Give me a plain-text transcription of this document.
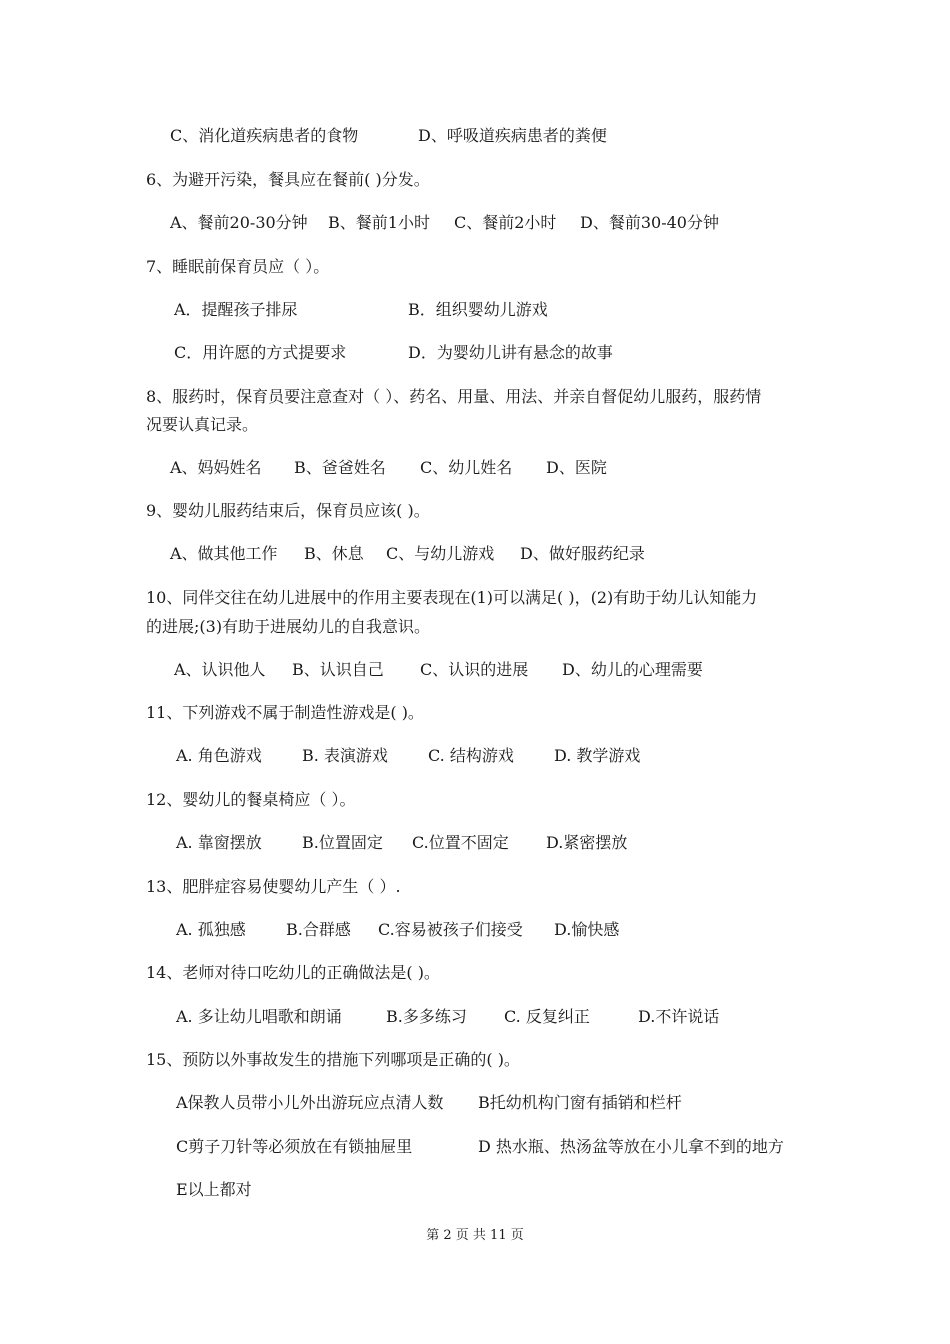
C、消化道疾病患者的食物	D、呼吸道疾病患者的粪便
6、为避开污染，餐具应在餐前( )分发。
A、餐前20-30分钟 B、餐前1小时 C、餐前2小时 D、餐前30-40分钟
7、睡眠前保育员应（ ）。
A．提醒孩子排尿	B．组织婴幼儿游戏
C．用许愿的方式提要求	D．为婴幼儿讲有悬念的故事
8、服药时，保育员要注意查对（ ）、药名、用量、用法、并亲自督促幼儿服药，服药情
况要认真记录。
A、妈妈姓名 B、爸爸姓名 C、幼儿姓名 D、医院
9、婴幼儿服药结束后，保育员应该( )。
A、做其他工作 B、休息 C、与幼儿游戏 D、做好服药纪录
10、同伴交往在幼儿进展中的作用主要表现在(1)可以满足( )，(2)有助于幼儿认知能力
的进展;(3)有助于进展幼儿的自我意识。
A、认识他人 B、认识自己 C、认识的进展 D、幼儿的心理需要
11、下列游戏不属于制造性游戏是( )。
A. 角色游戏	B. 表演游戏	C. 结构游戏	D. 教学游戏
12、婴幼儿的餐桌椅应（ ）。
A. 靠窗摆放	B.位置固定 C.位置不固定 D.紧密摆放
13、肥胖症容易使婴幼儿产生（ ）.
A. 孤独感	B.合群感 C.容易被孩子们接受 D.愉快感
14、老师对待口吃幼儿的正确做法是( )。
A. 多让幼儿唱歌和朗诵	B.多多练习 C. 反复纠正	D.不许说话
15、预防以外事故发生的措施下列哪项是正确的( )。
A保教人员带小儿外出游玩应点清人数 B托幼机构门窗有插销和栏杆
C剪子刀针等必须放在有锁抽屉里	D 热水瓶、热汤盆等放在小儿拿不到的地方
E以上都对
第 2 页 共 11 页
